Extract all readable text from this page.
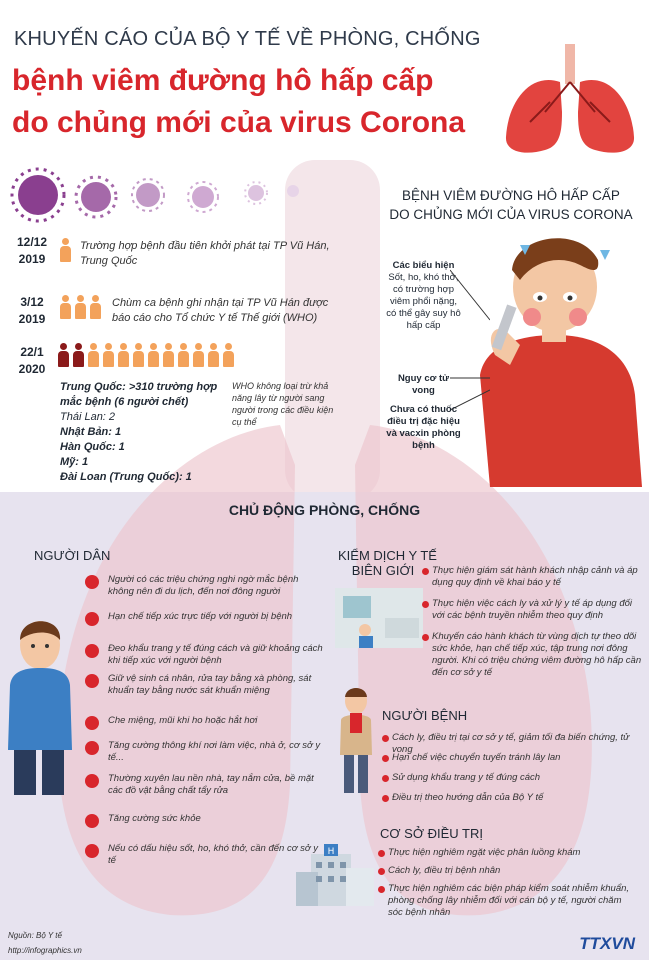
KHUYẾN CÁO CỦA BỘ Y TẾ VỀ PHÒNG, CHỐNG
bệnh viêm đường hô hấp cấp
do chủng mới của virus Corona
BỆNH VIÊM ĐƯỜNG HÔ HẤP CẤP
DO CHỦNG MỚI CỦA VIRUS CORONA
Các biểu hiện
Sốt, ho, khó thở, có trường hợp viêm phổi nặng, có thể gây suy hô hấp cấp
Nguy cơ tử vong
Chưa có thuốc điều trị đặc hiệu và vacxin phòng bệnh
12/12
2019
Trường hợp bệnh đầu tiên khởi phát tại TP Vũ Hán, Trung Quốc
3/12
2019
Chùm ca bệnh ghi nhận tại TP Vũ Hán được báo cáo cho Tổ chức Y tế Thế giới (WHO)
22/1
2020
Trung Quốc: >310 trường hợp mắc bệnh (6 người chết)
Thái Lan: 2
Nhật Bản: 1
Hàn Quốc: 1
Mỹ: 1
Đài Loan (Trung Quốc): 1
WHO không loại trừ khả năng lây từ người sang người trong các điều kiện cụ thể
CHỦ ĐỘNG PHÒNG, CHỐNG
NGƯỜI DÂN
Người có các triệu chứng nghi ngờ mắc bệnh không nên đi du lịch, đến nơi đông người
Hạn chế tiếp xúc trực tiếp với người bị bệnh
Đeo khẩu trang y tế đúng cách và giữ khoảng cách khi tiếp xúc với người bệnh
Giữ vệ sinh cá nhân, rửa tay bằng xà phòng, sát khuẩn tay bằng nước sát khuẩn miệng
Che miệng, mũi khi ho hoặc hắt hơi
Tăng cường thông khí nơi làm việc, nhà ở, cơ sở y tế...
Thường xuyên lau nền nhà, tay nắm cửa, bề mặt các đồ vật bằng chất tẩy rửa
Tăng cường sức khỏe
Nếu có dấu hiệu sốt, ho, khó thở, cần đến cơ sở y tế
KIỂM DỊCH Y TẾ
BIÊN GIỚI	Thực hiện giám sát hành khách nhập cảnh và áp dụng quy định về khai báo y tế
Thực hiện việc cách ly và xử lý y tế áp dụng đối với các bệnh truyền nhiễm theo quy định
Khuyến cáo hành khách từ vùng dịch tự theo dõi sức khỏe, hạn chế tiếp xúc, tập trung nơi đông người. Khi có triệu chứng viêm đường hô hấp cần đến cơ sở y tế
NGƯỜI BỆNH
Cách ly, điều trị tại cơ sở y tế, giảm tối đa biến chứng, tử vong
Hạn chế việc chuyển tuyến tránh lây lan
Sử dụng khẩu trang y tế đúng cách
Điều trị theo hướng dẫn của Bộ Y tế
CƠ SỞ ĐIỀU TRỊ
H	Thực hiện nghiêm ngặt việc phân luồng khám
Cách ly, điều trị bệnh nhân
Thực hiện nghiêm các biện pháp kiểm soát nhiễm khuẩn, phòng chống lây nhiễm đối với cán bộ y tế, người chăm sóc bệnh nhân
Nguồn: Bộ Y tế
http://infographics.vn	TTXVN
